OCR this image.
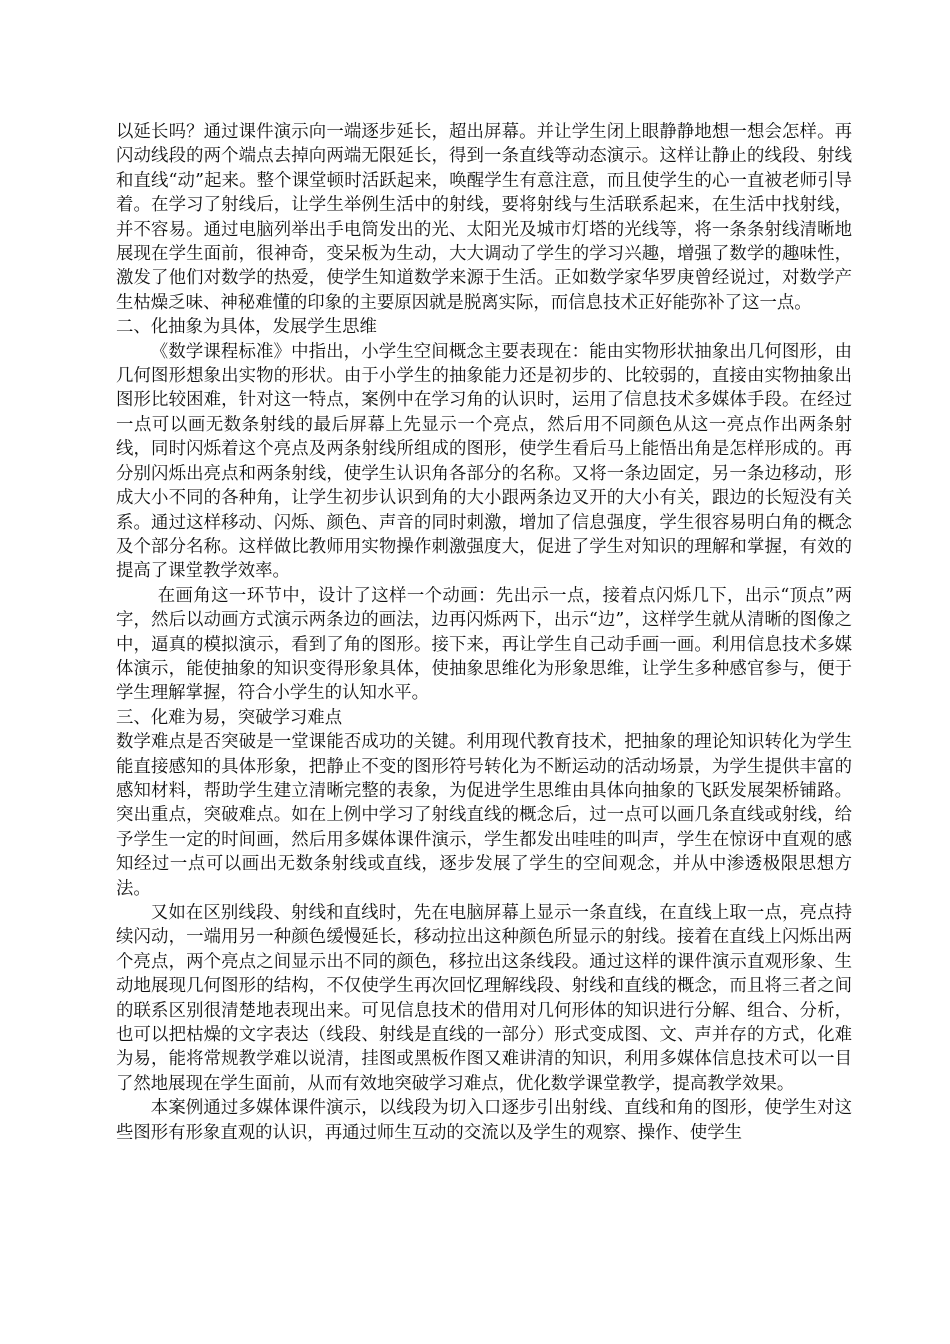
以延长吗？通过课件演示向一端逐步延长，超出屏幕。并让学生闭上眼静静地想一想会怎样。再闪动线段的两个端点去掉向两端无限延长，得到一条直线等动态演示。这样让静止的线段、射线和直线“动”起来。整个课堂顿时活跃起来，唤醒学生有意注意，而且使学生的心一直被老师引导着。在学习了射线后，让学生举例生活中的射线，要将射线与生活联系起来，在生活中找射线，并不容易。通过电脑列举出手电筒发出的光、太阳光及城市灯塔的光线等，将一条条射线清晰地展现在学生面前，很神奇，变呆板为生动，大大调动了学生的学习兴趣，增强了数学的趣味性，激发了他们对数学的热爱，使学生知道数学来源于生活。正如数学家华罗庚曾经说过，对数学产生枯燥乏味、神秘难懂的印象的主要原因就是脱离实际，而信息技术正好能弥补了这一点。

二、化抽象为具体，发展学生思维

《数学课程标准》中指出，小学生空间概念主要表现在：能由实物形状抽象出几何图形，由几何图形想象出实物的形状。由于小学生的抽象能力还是初步的、比较弱的，直接由实物抽象出图形比较困难，针对这一特点，案例中在学习角的认识时，运用了信息技术多媒体手段。在经过一点可以画无数条射线的最后屏幕上先显示一个亮点，然后用不同颜色从这一亮点作出两条射线，同时闪烁着这个亮点及两条射线所组成的图形，使学生看后马上能悟出角是怎样形成的。再分别闪烁出亮点和两条射线，使学生认识角各部分的名称。又将一条边固定，另一条边移动，形成大小不同的各种角，让学生初步认识到角的大小跟两条边叉开的大小有关，跟边的长短没有关系。通过这样移动、闪烁、颜色、声音的同时刺激，增加了信息强度，学生很容易明白角的概念及个部分名称。这样做比教师用实物操作刺激强度大，促进了学生对知识的理解和掌握，有效的提高了课堂教学效率。

在画角这一环节中，设计了这样一个动画：先出示一点，接着点闪烁几下，出示“顶点”两字，然后以动画方式演示两条边的画法，边再闪烁两下，出示“边”，这样学生就从清晰的图像之中，逼真的模拟演示，看到了角的图形。接下来，再让学生自己动手画一画。利用信息技术多媒体演示，能使抽象的知识变得形象具体，使抽象思维化为形象思维，让学生多种感官参与，便于学生理解掌握，符合小学生的认知水平。

三、化难为易，突破学习难点

数学难点是否突破是一堂课能否成功的关键。利用现代教育技术，把抽象的理论知识转化为学生能直接感知的具体形象，把静止不变的图形符号转化为不断运动的活动场景，为学生提供丰富的感知材料，帮助学生建立清晰完整的表象，为促进学生思维由具体向抽象的飞跃发展架桥铺路。突出重点，突破难点。如在上例中学习了射线直线的概念后，过一点可以画几条直线或射线，给予学生一定的时间画，然后用多媒体课件演示，学生都发出哇哇的叫声，学生在惊讶中直观的感知经过一点可以画出无数条射线或直线，逐步发展了学生的空间观念，并从中渗透极限思想方法。

又如在区别线段、射线和直线时，先在电脑屏幕上显示一条直线，在直线上取一点，亮点持续闪动，一端用另一种颜色缓慢延长，移动拉出这种颜色所显示的射线。接着在直线上闪烁出两个亮点，两个亮点之间显示出不同的颜色，移拉出这条线段。通过这样的课件演示直观形象、生动地展现几何图形的结构，不仅使学生再次回忆理解线段、射线和直线的概念，而且将三者之间的联系区别很清楚地表现出来。可见信息技术的借用对几何形体的知识进行分解、组合、分析，也可以把枯燥的文字表达（线段、射线是直线的一部分）形式变成图、文、声并存的方式，化难为易，能将常规教学难以说清，挂图或黑板作图又难讲清的知识，利用多媒体信息技术可以一目了然地展现在学生面前，从而有效地突破学习难点，优化数学课堂教学，提高教学效果。

本案例通过多媒体课件演示，以线段为切入口逐步引出射线、直线和角的图形，使学生对这些图形有形象直观的认识，再通过师生互动的交流以及学生的观察、操作、使学生
